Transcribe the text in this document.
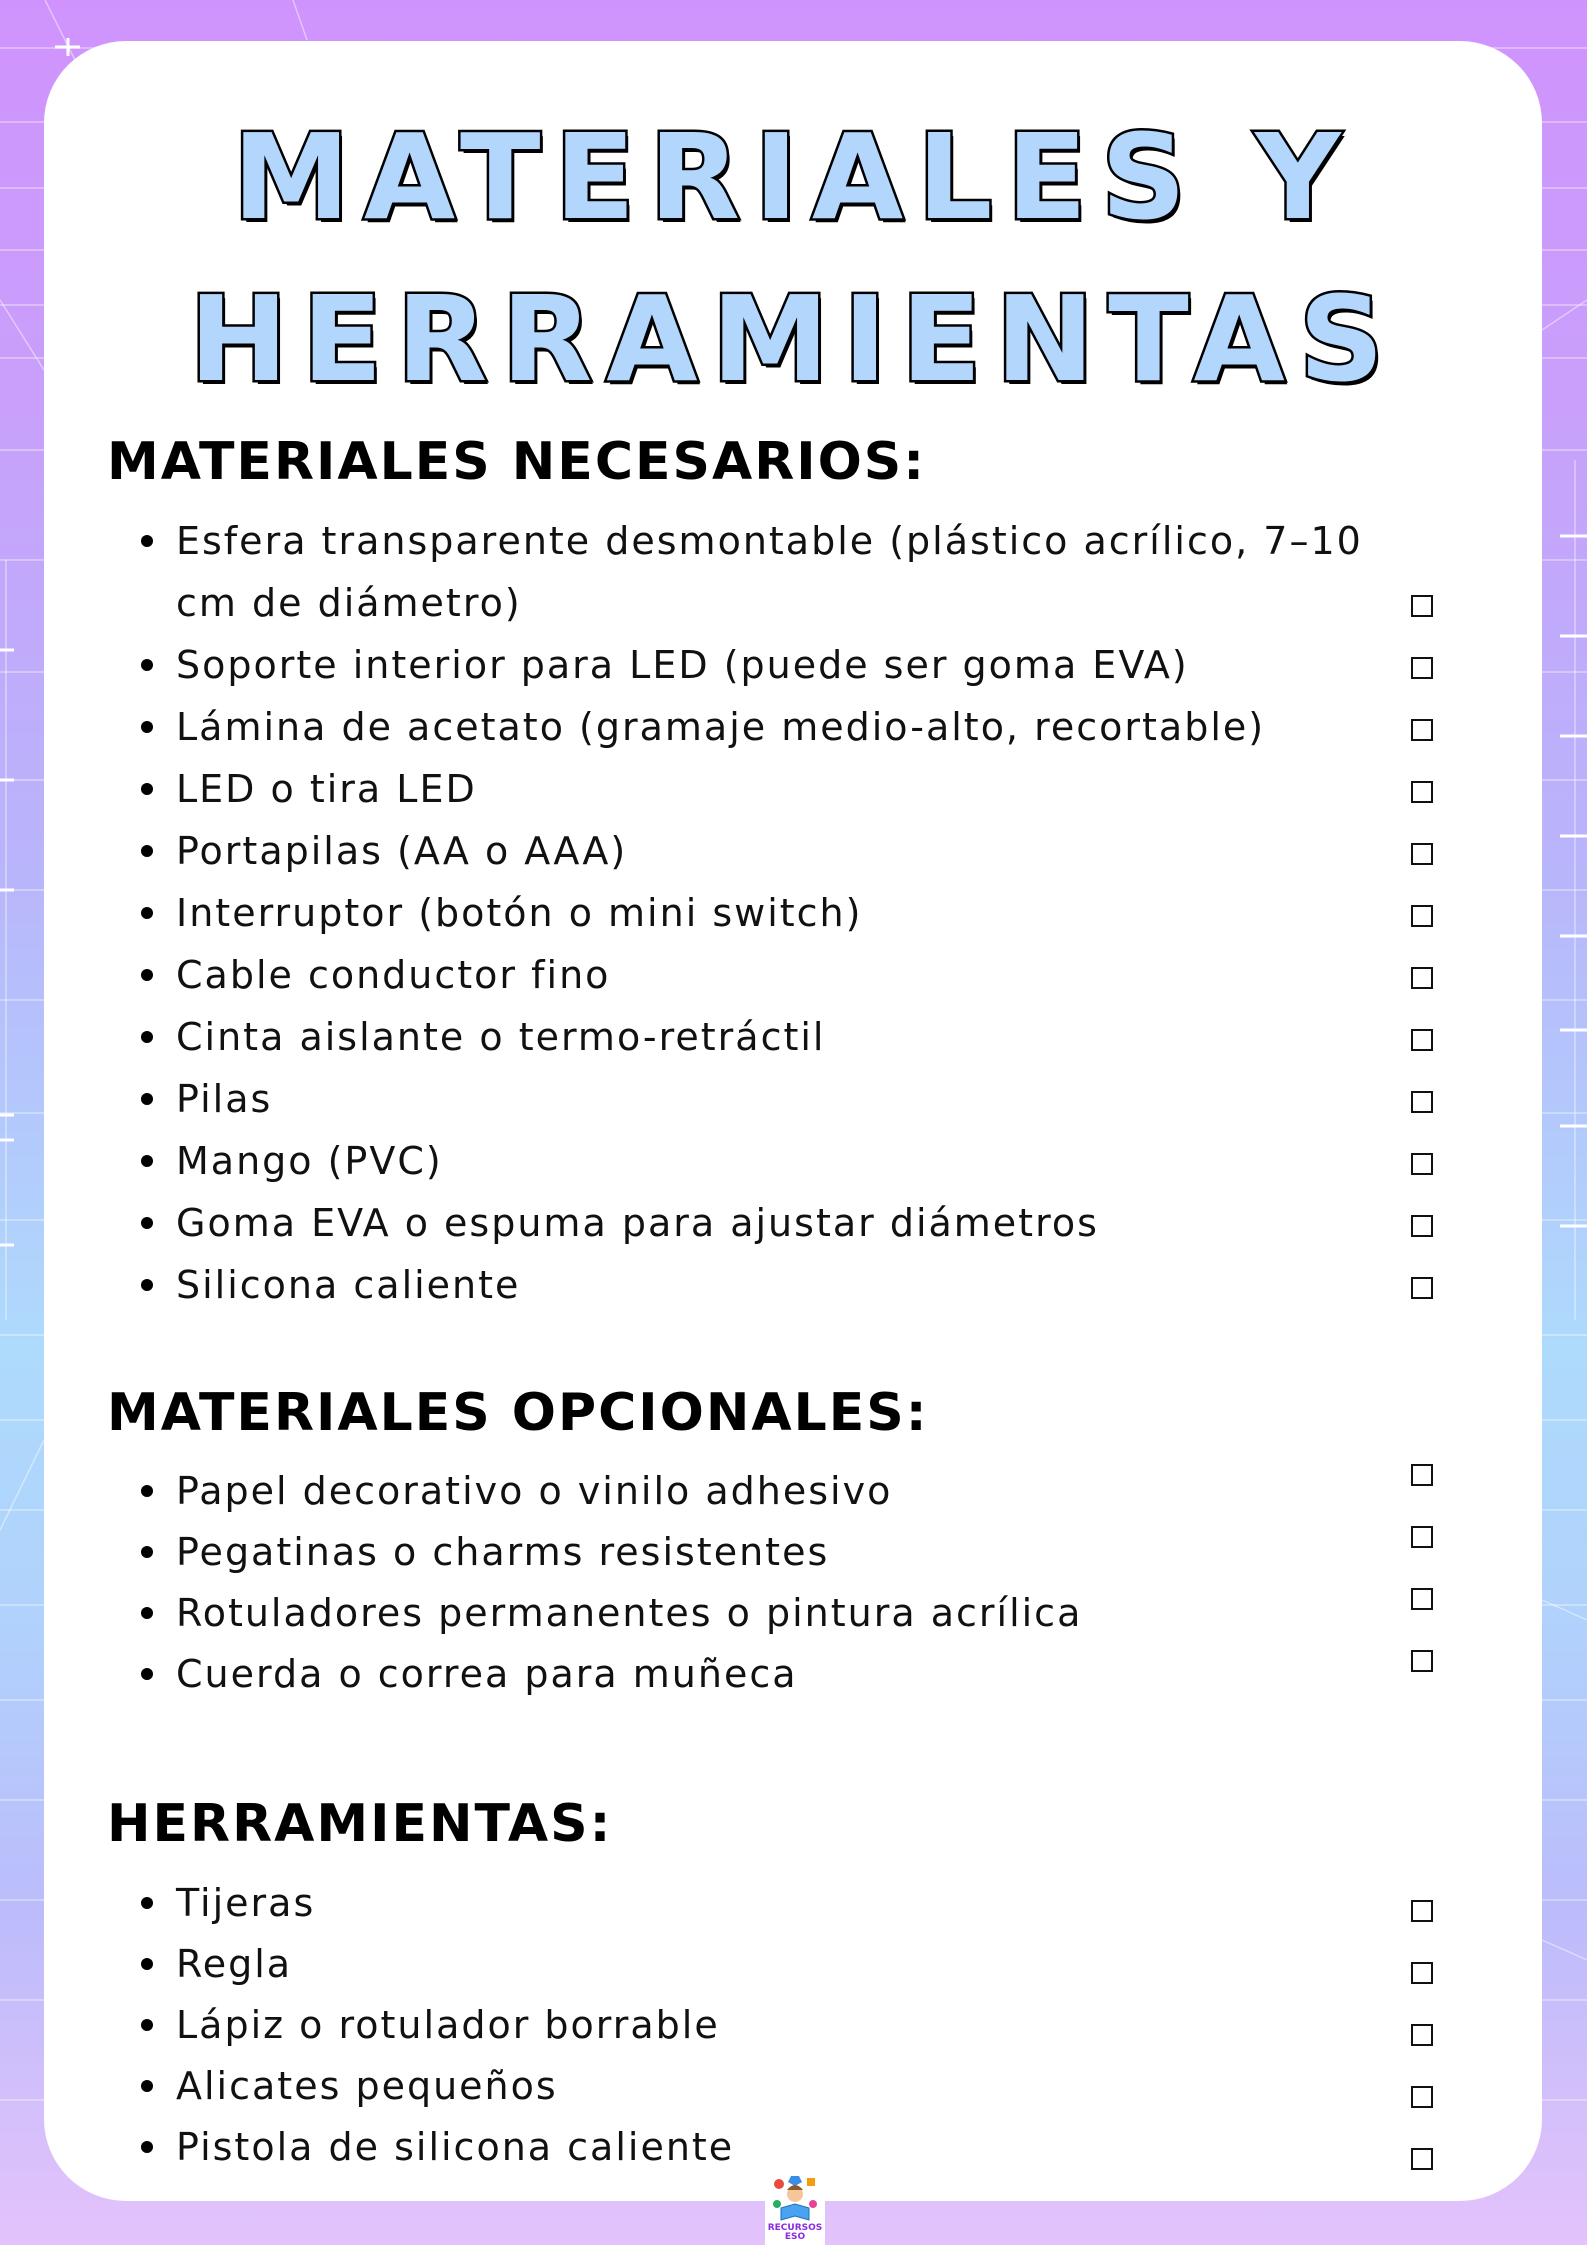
MATERIALES Y
HERRAMIENTAS
MATERIALES NECESARIOS:
Esfera transparente desmontable (plástico acrílico, 7–10 cm de diámetro)
Soporte interior para LED (puede ser goma EVA)
Lámina de acetato (gramaje medio-alto, recortable)
LED o tira LED
Portapilas (AA o AAA)
Interruptor (botón o mini switch)
Cable conductor fino
Cinta aislante o termo-retráctil
Pilas
Mango (PVC)
Goma EVA o espuma para ajustar diámetros
Silicona caliente
MATERIALES OPCIONALES:
Papel decorativo o vinilo adhesivo
Pegatinas o charms resistentes
Rotuladores permanentes o pintura acrílica
Cuerda o correa para muñeca
HERRAMIENTAS:
Tijeras
Regla
Lápiz o rotulador borrable
Alicates pequeños
Pistola de silicona caliente
RECURSOS
ESO
